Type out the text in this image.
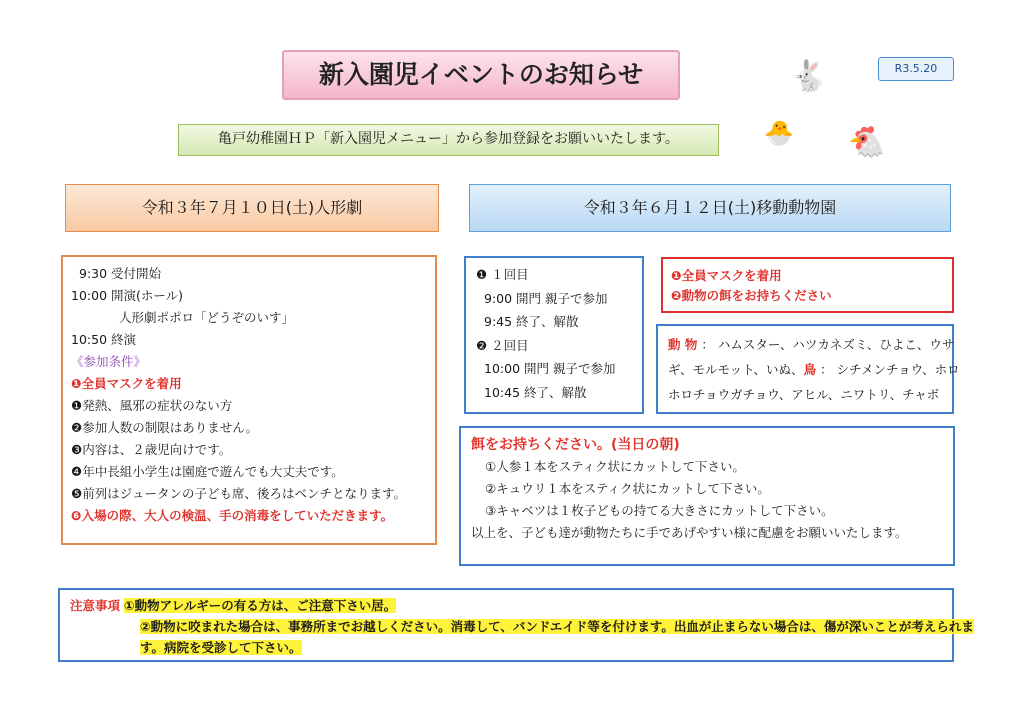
新入園児イベントのお知らせ	R3.5.20
🐇
🐔
🐣
亀戸幼稚園ＨＰ「新入園児メニュー」から参加登録をお願いいたします。
令和３年７月１０日(土)人形劇	令和３年６月１２日(土)移動動物園
9:30 受付開始
10:00 開演(ホール)
人形劇ポポロ「どうぞのいす」
10:50 終演
《参加条件》
❶全員マスクを着用
❶発熱、風邪の症状のない方
❷参加人数の制限はありません。
❸内容は、２歳児向けです。
❹年中長組小学生は園庭で遊んでも大丈夫です。
❺前列はジュータンの子ども席、後ろはベンチとなります。
❻入場の際、大人の検温、手の消毒をしていただきます。
❶ １回目
9:00 開門 親子で参加
9:45 終了、解散
❷ ２回目
10:00 開門 親子で参加
10:45 終了、解散
❶全員マスクを着用
❷動物の餌をお持ちください
動 物 ： ハムスター、ハツカネズミ、ひよこ、ウサ
ギ、モルモット、いぬ、鳥 ： シチメンチョウ、ホロ
ホロチョウガチョウ、アヒル、ニワトリ、チャボ
餌をお持ちください。(当日の朝)
①人参１本をスティク状にカットして下さい。
②キュウリ１本をスティク状にカットして下さい。
③キャベツは１枚子どもの持てる大きさにカットして下さい。
以上を、子ども達が動物たちに手であげやすい様に配慮をお願いいたします。
注意事項 ①動物アレルギーの有る方は、ご注意下さい居。
②動物に咬まれた場合は、事務所までお越しください。消毒して、バンドエイド等を付けます。出血が止まらない場合は、傷が深いことが考えられま
す。病院を受診して下さい。
